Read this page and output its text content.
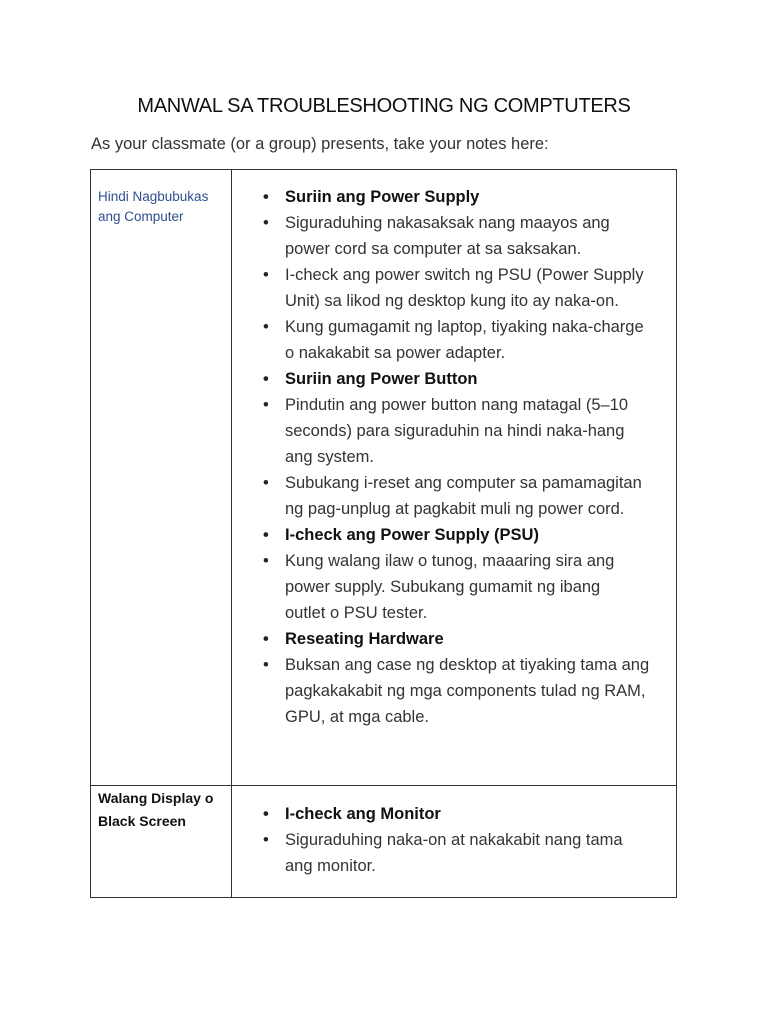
MANWAL SA TROUBLESHOOTING NG COMPTUTERS
As your classmate (or a group) presents, take your notes here:
Hindi Nagbubukas ang Computer
Walang Display o Black Screen
• Suriin ang Power Supply
• Siguraduhing nakasaksak nang maayos ang
power cord sa computer at sa saksakan.
• I-check ang power switch ng PSU (Power Supply
Unit) sa likod ng desktop kung ito ay naka-on.
• Kung gumagamit ng laptop, tiyaking naka-charge
o nakakabit sa power adapter.
• Suriin ang Power Button
• Pindutin ang power button nang matagal (5–10
seconds) para siguraduhin na hindi naka-hang
ang system.
• Subukang i-reset ang computer sa pamamagitan
ng pag-unplug at pagkabit muli ng power cord.
• I-check ang Power Supply (PSU)
• Kung walang ilaw o tunog, maaaring sira ang
power supply. Subukang gumamit ng ibang
outlet o PSU tester.
• Reseating Hardware
• Buksan ang case ng desktop at tiyaking tama ang
pagkakakabit ng mga components tulad ng RAM,
GPU, at mga cable.
• I-check ang Monitor
• Siguraduhing naka-on at nakakabit nang tama
ang monitor.
